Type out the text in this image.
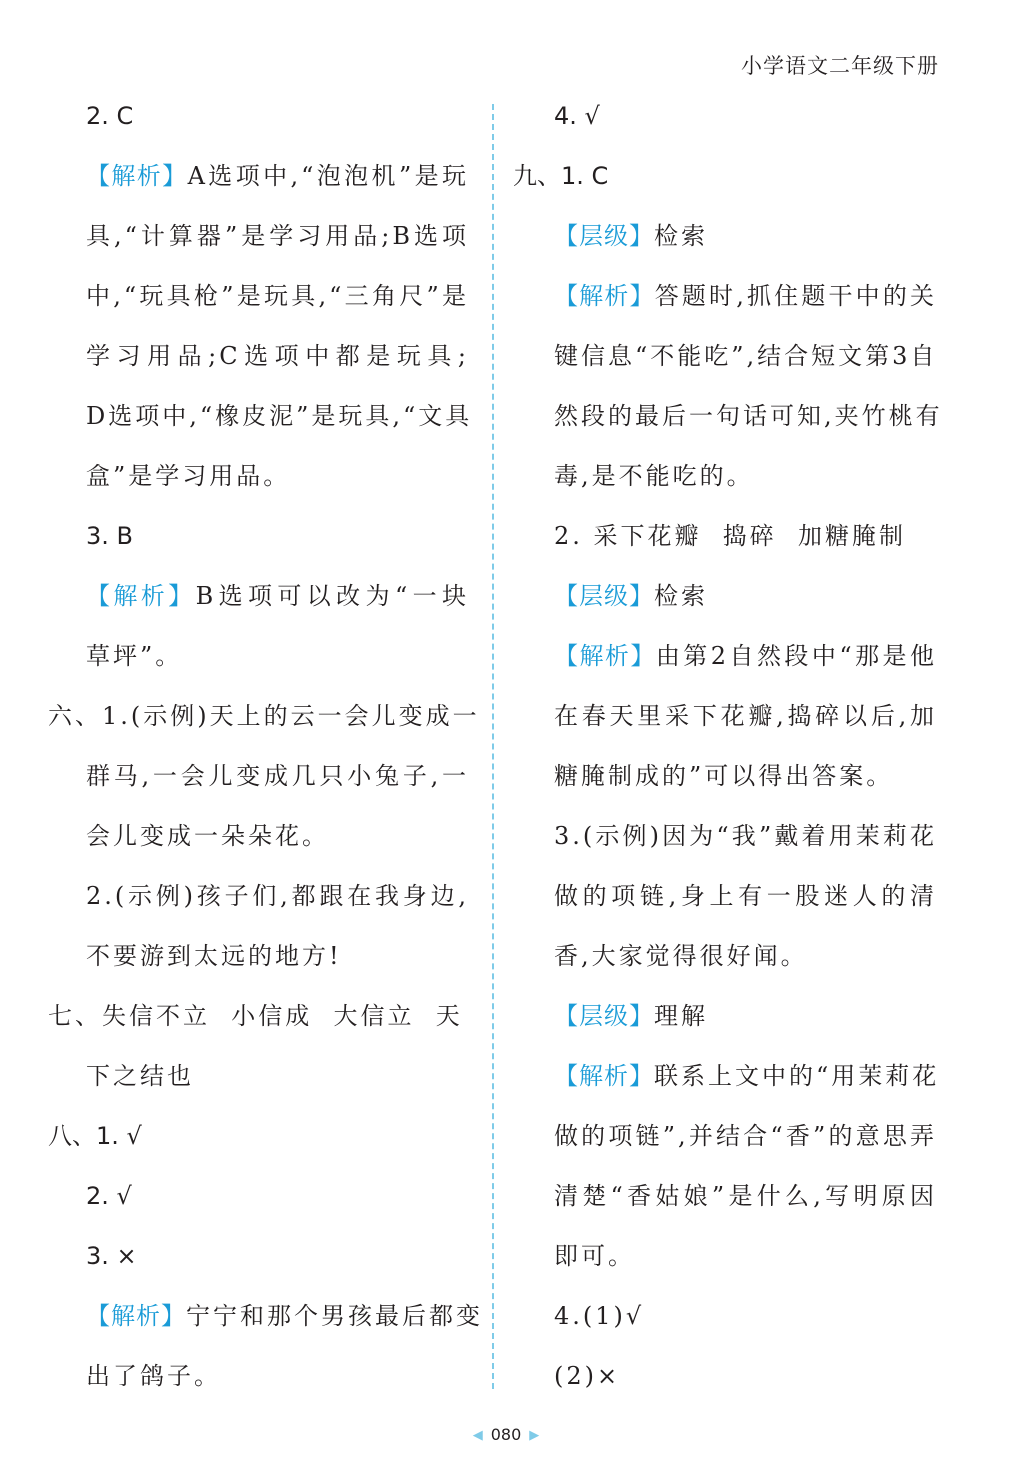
小学语文二年级下册
2. C
【解析】A选项中,“泡泡机”是玩
具,“计算器”是学习用品;B选项
中,“玩具枪”是玩具,“三角尺”是
学习用品;C选项中都是玩具;
D选项中,“橡皮泥”是玩具,“文具
盒”是学习用品。
3. B
【解析】B选项可以改为“一块
草坪”。
六、1.(示例)天上的云一会儿变成一
群马,一会儿变成几只小兔子,一
会儿变成一朵朵花。
2.(示例)孩子们,都跟在我身边,
不要游到太远的地方!
七、失信不立  小信成  大信立  天
下之结也
八、1. √
2. √
3. ×
【解析】宁宁和那个男孩最后都变
出了鸽子。
4. √
九、1. C
【层级】检索
【解析】答题时,抓住题干中的关
键信息“不能吃”,结合短文第3自
然段的最后一句话可知,夹竹桃有
毒,是不能吃的。
2. 采下花瓣  捣碎  加糖腌制
【层级】检索
【解析】由第2自然段中“那是他
在春天里采下花瓣,捣碎以后,加
糖腌制成的”可以得出答案。
3.(示例)因为“我”戴着用茉莉花
做的项链,身上有一股迷人的清
香,大家觉得很好闻。
【层级】理解
【解析】联系上文中的“用茉莉花
做的项链”,并结合“香”的意思弄
清楚“香姑娘”是什么,写明原因
即可。
4.(1)√
(2)×
◀ 080 ▶
